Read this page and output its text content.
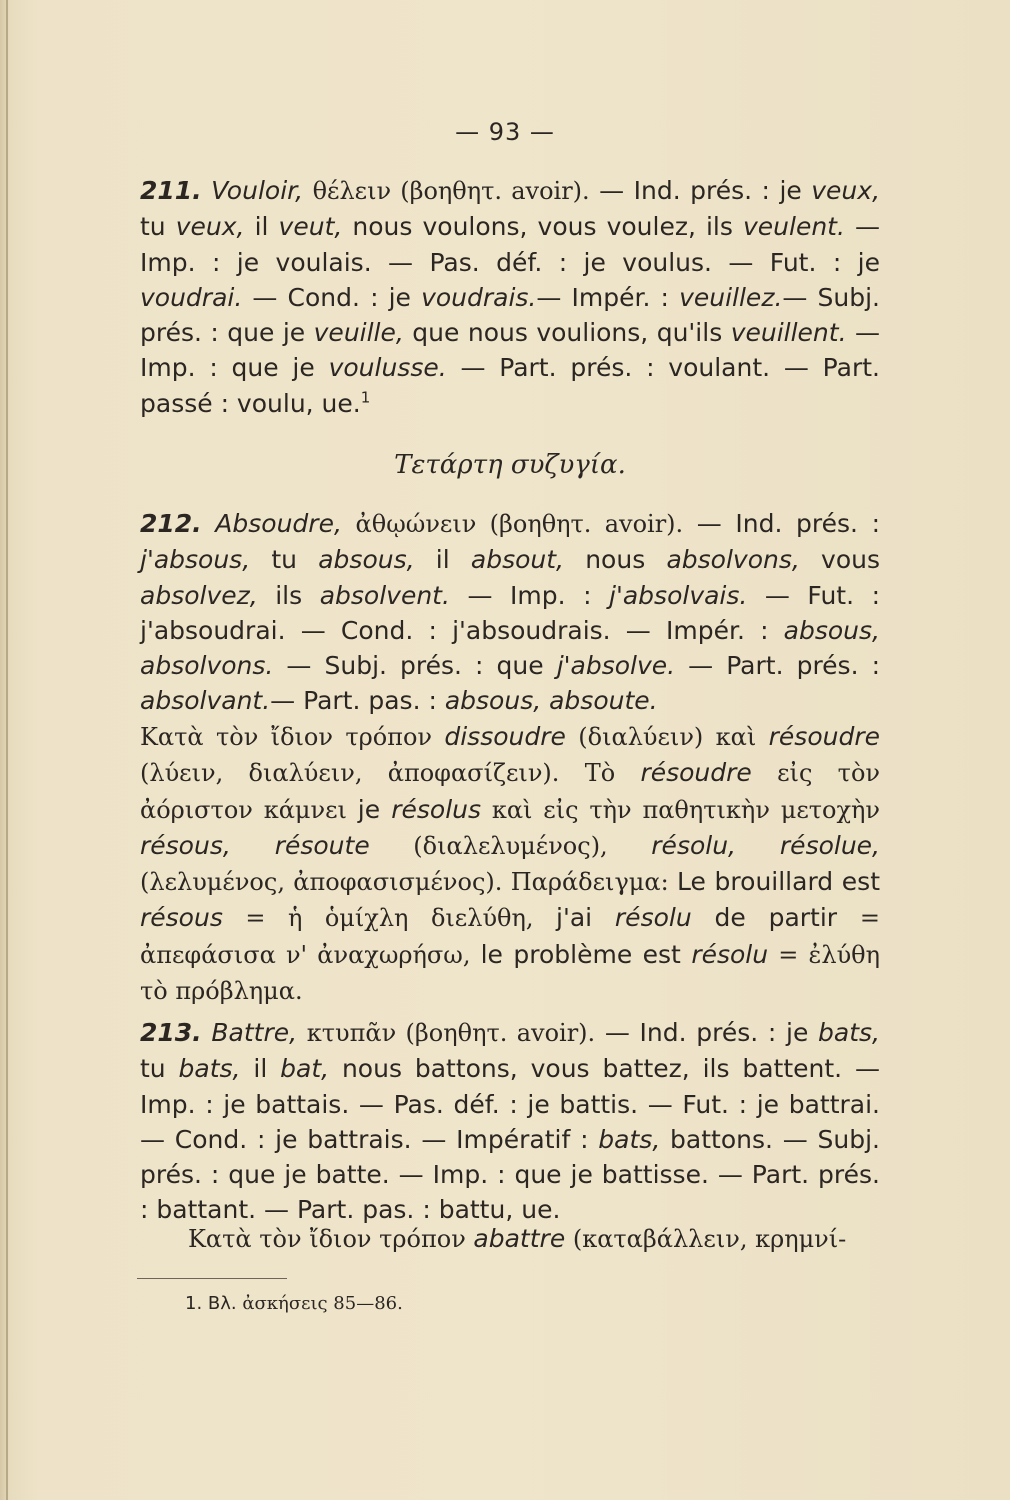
— 93 —

211. Vouloir, θέλειν (βοηθητ. avoir). — Ind. prés. : je veux, tu veux, il veut, nous voulons, vous voulez, ils veulent. — Imp. : je voulais. — Pas. déf. : je voulus. — Fut. : je voudrai. — Cond. : je voudrais.— Impér. : veuillez.— Subj. prés. : que je veuille, que nous voulions, qu'ils veuillent. — Imp. : que je voulusse. — Part. prés. : voulant. — Part. passé : voulu, ue.$^1$

Τετάρτη συζυγία.

212. Absoudre, ἀθῳώνειν (βοηθητ. avoir). — Ind. prés. : j'absous, tu absous, il absout, nous absolvons, vous absolvez, ils absolvent. — Imp. : j'absolvais. — Fut. : j'absoudrai. — Cond. : j'absoudrais. — Impér. : absous, absolvons. — Subj. prés. : que j'absolve. — Part. prés. : absolvant.— Part. pas. : absous, absoute.

Κατὰ τὸν ἴδιον τρόπον dissoudre (διαλύειν) καὶ résoudre (λύειν, διαλύειν, ἀποφασίζειν). Τὸ résoudre εἰς τὸν ἀόριστον κάμνει je résolus καὶ εἰς τὴν παθητικὴν μετοχὴν résous, résoute (διαλελυμένος), résolu, résolue, (λελυμένος, ἀποφασισμένος). Παράδειγμα: Le brouillard est résous = ἡ ὁμίχλη διελύθη, j'ai résolu de partir = ἀπεφάσισα ν' ἀναχωρήσω, le problème est résolu = ἐλύθη τὸ πρόβλημα.

213. Battre, κτυπᾶν (βοηθητ. avoir). — Ind. prés. : je bats, tu bats, il bat, nous battons, vous battez, ils battent. — Imp. : je battais. — Pas. déf. : je battis. — Fut. : je battrai. — Cond. : je battrais. — Impératif : bats, battons. — Subj. prés. : que je batte. — Imp. : que je battisse. — Part. prés. : battant. — Part. pas. : battu, ue.

Κατὰ τὸν ἴδιον τρόπον abattre (καταβάλλειν, κρημνί-

1. Βλ. ἀσκήσεις 85—86.
